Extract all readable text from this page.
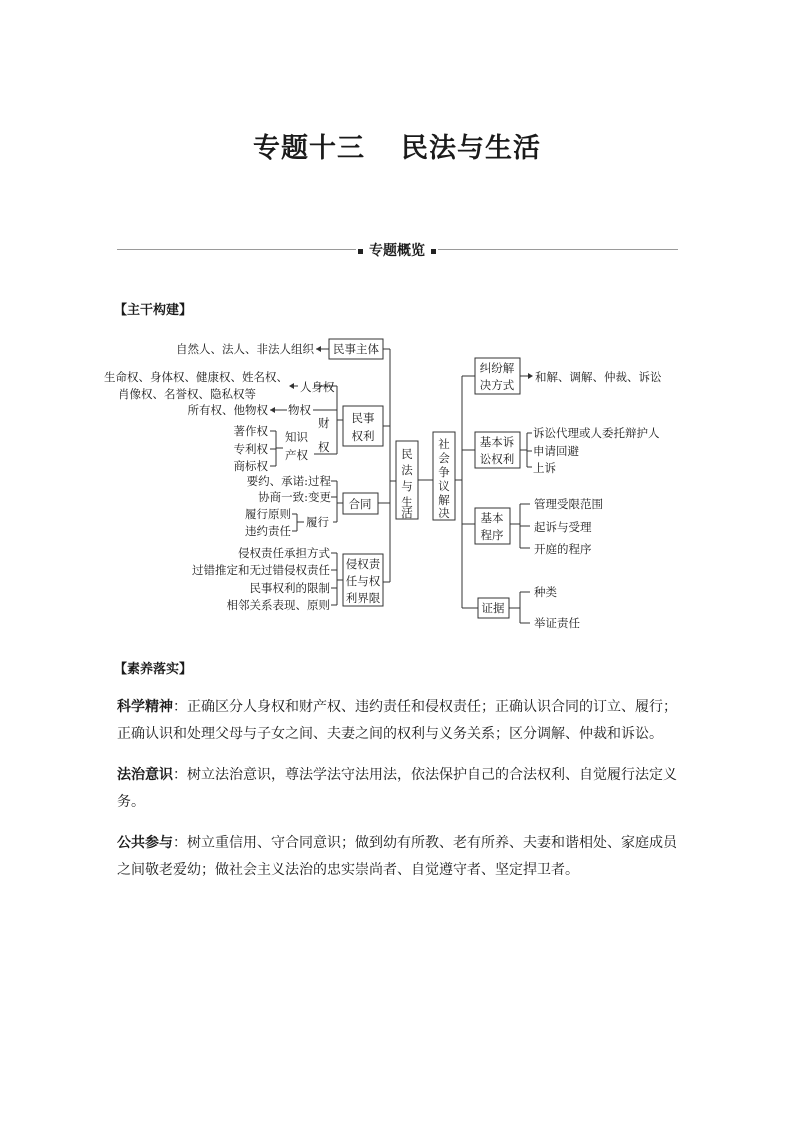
专题十三 民法与生活
专题概览
【主干构建】
民事主体
自然人、法人、非法人组织
民事
权利
人身权
生命权、身体权、健康权、姓名权、
肖像权、名誉权、隐私权等
物权
所有权、他物权
财
权
知识
产权
著作权
专利权
商标权
合同
要约、承诺:过程
协商一致:变更
履行
履行原则
违约责任
侵权责
任与权
利界限
侵权责任承担方式
过错推定和无过错侵权责任
民事权利的限制
相邻关系表现、原则
民
法
与
生
活
社
会
争
议
解
决
纠纷解
决方式
和解、调解、仲裁、诉讼
基本诉
讼权利
诉讼代理或人委托辩护人
申请回避
上诉
基本
程序
管理受限范围
起诉与受理
开庭的程序
证据
种类
举证责任
【素养落实】
科学精神：正确区分人身权和财产权、违约责任和侵权责任；正确认识合同的订立、履行；正确认识和处理父母与子女之间、夫妻之间的权利与义务关系；区分调解、仲裁和诉讼。
法治意识：树立法治意识，尊法学法守法用法，依法保护自己的合法权利、自觉履行法定义务。
公共参与：树立重信用、守合同意识；做到幼有所教、老有所养、夫妻和谐相处、家庭成员之间敬老爱幼；做社会主义法治的忠实崇尚者、自觉遵守者、坚定捍卫者。
